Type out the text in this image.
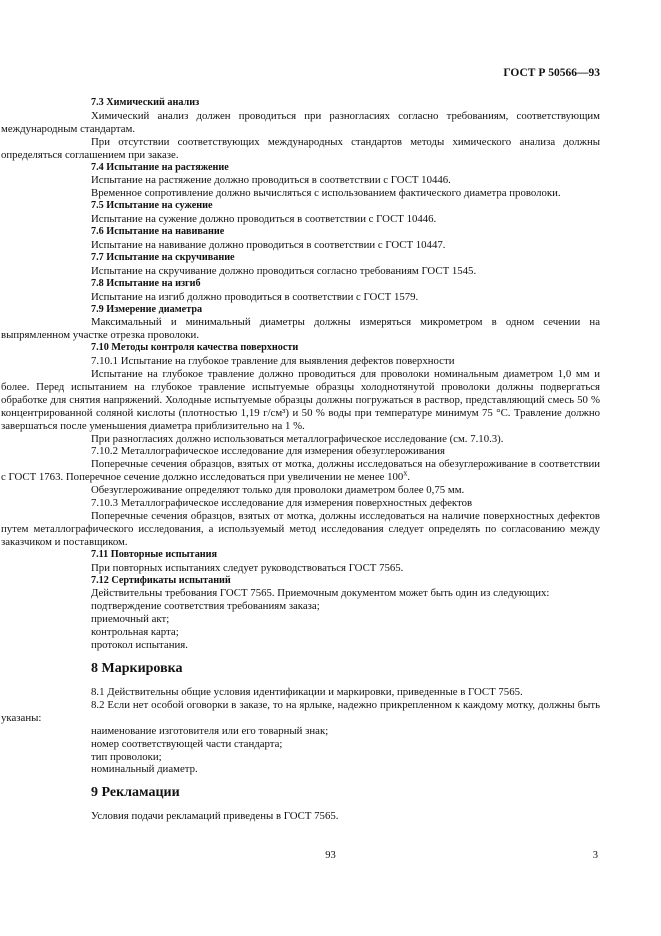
ГОСТ Р 50566—93
7.3 Химический анализ
Химический анализ должен проводиться при разногласиях согласно требованиям, соответствующим международным стандартам.
При отсутствии соответствующих международных стандартов методы химического анализа должны определяться соглашением при заказе.
7.4 Испытание на растяжение
Испытание на растяжение должно проводиться в соответствии с ГОСТ 10446.
Временное сопротивление должно вычисляться с использованием фактического диаметра проволоки.
7.5 Испытание на сужение
Испытание на сужение должно проводиться в соответствии с ГОСТ 10446.
7.6 Испытание на навивание
Испытание на навивание должно проводиться в соответствии с ГОСТ 10447.
7.7 Испытание на скручивание
Испытание на скручивание должно проводиться согласно требованиям ГОСТ 1545.
7.8 Испытание на изгиб
Испытание на изгиб должно проводиться в соответствии с ГОСТ 1579.
7.9 Измерение диаметра
Максимальный и минимальный диаметры должны измеряться микрометром в одном сечении на выпрямленном участке отрезка проволоки.
7.10 Методы контроля качества поверхности
7.10.1 Испытание на глубокое травление для выявления дефектов поверхности
Испытание на глубокое травление должно проводиться для проволоки номинальным диаметром 1,0 мм и более. Перед испытанием на глубокое травление испытуемые образцы холоднотянутой проволоки должны подвергаться обработке для снятия напряжений. Холодные испытуемые образцы должны погружаться в раствор, представляющий смесь 50 % концентрированной соляной кислоты (плотностью 1,19 г/см³) и 50 % воды при температуре минимум 75 °С. Травление должно завершаться после уменьшения диаметра приблизительно на 1 %.
При разногласиях должно использоваться металлографическое исследование (см. 7.10.3).
7.10.2 Металлографическое исследование для измерения обезуглероживания
Поперечные сечения образцов, взятых от мотка, должны исследоваться на обезуглероживание в соответствии с ГОСТ 1763. Поперечное сечение должно исследоваться при увеличении не менее $100^х$.
Обезуглероживание определяют только для проволоки диаметром более 0,75 мм.
7.10.3 Металлографическое исследование для измерения поверхностных дефектов
Поперечные сечения образцов, взятых от мотка, должны исследоваться на наличие поверхностных дефектов путем металлографического исследования, а используемый метод исследования следует определять по согласованию между заказчиком и поставщиком.
7.11 Повторные испытания
При повторных испытаниях следует руководствоваться ГОСТ 7565.
7.12 Сертификаты испытаний
Действительны требования ГОСТ 7565. Приемочным документом может быть один из следующих:
подтверждение соответствия требованиям заказа;
приемочный акт;
контрольная карта;
протокол испытания.
8 Маркировка
8.1 Действительны общие условия идентификации и маркировки, приведенные в ГОСТ 7565.
8.2 Если нет особой оговорки в заказе, то на ярлыке, надежно прикрепленном к каждому мотку, должны быть указаны:
наименование изготовителя или его товарный знак;
номер соответствующей части стандарта;
тип проволоки;
номинальный диаметр.
9 Рекламации
Условия подачи рекламаций приведены в ГОСТ 7565.
93	3
